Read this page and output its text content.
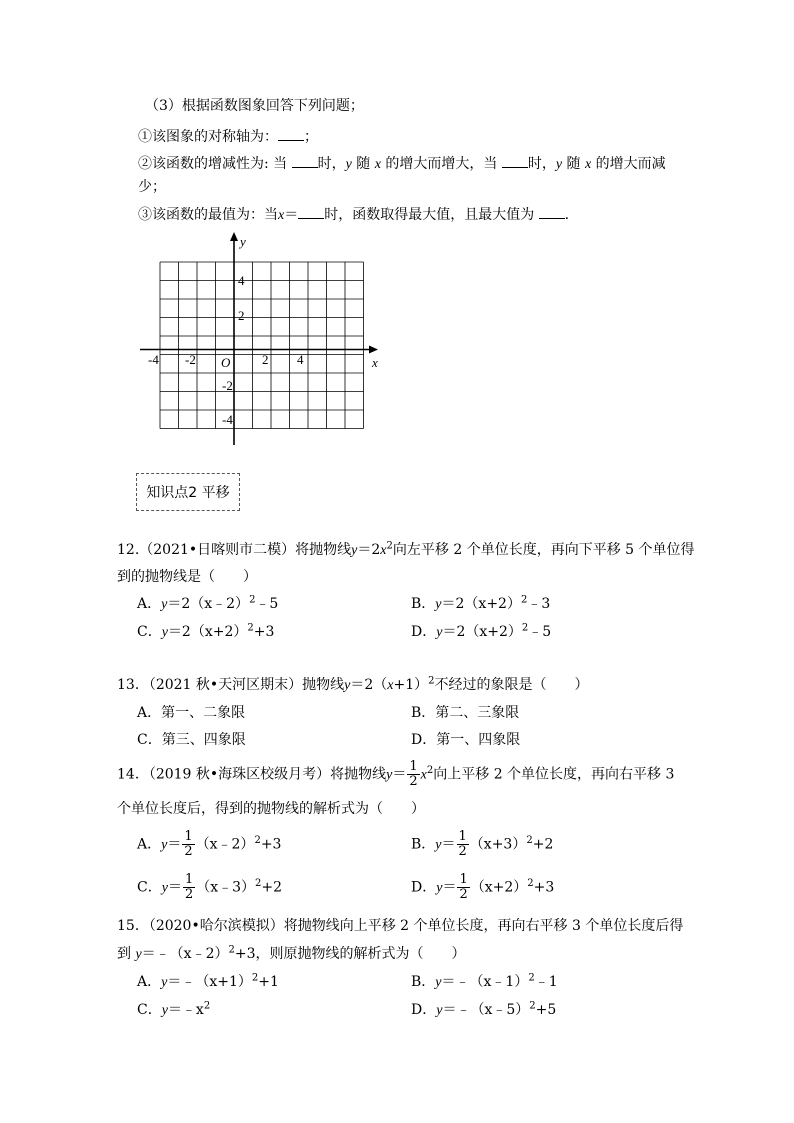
（3）根据函数图象回答下列问题；
①该图象的对称轴为： ；
②该函数的增减性为: 当 时，y 随 x 的增大而增大，当 时，y 随 x 的增大而减
少；
③该函数的最值为：当x＝ 时，函数取得最大值，且最大值为 .
x
y
O
-4 -2	2 4
4
2
-2
-4
知识点2 平移
12.（2021•日喀则市二模）将抛物线$y=2x^2$向左平移 2 个单位长度，再向下平移 5 个单位得
到的抛物线是（　　）
A．y＝2（x﹣2）$^2$﹣5	B．$y=2(x+2)^2﹣3$
C．$y=2(x+2)^2+3$	D．$y=2(x+2)^2﹣5$
13．（2021 秋•天河区期末）抛物线$y=2(x+1)^2$不经过的象限是（　　）
A．第一、二象限	B．第二、三象限
C．第三、四象限	D．第一、四象限
14．（2019 秋•海珠区校级月考）将抛物线$y= \frac{1}{2} x^2$向上平移 2 个单位长度，再向右平移 3
个单位长度后，得到的抛物线的解析式为（　　）
A．$y= \frac{1}{2}$ （x﹣2）$^2$+3	B．$y= \frac{1}{2} (x+3)^2+2$
C．$y= \frac{1}{2}$ （x﹣3）$^2$+2	D．$y= \frac{1}{2} (x+2)^2+3$
15．（2020•哈尔滨模拟）将抛物线向上平移 2 个单位长度，再向右平移 3 个单位长度后得
到 y＝﹣（x﹣2）$^2$+3，则原抛物线的解析式为（　　）
A．$y=﹣(x+1)^2+1$	B．y＝﹣（x﹣1）$^2$﹣1
C．$y=﹣x^2$	D．y＝﹣（x﹣5）$^2$+5
